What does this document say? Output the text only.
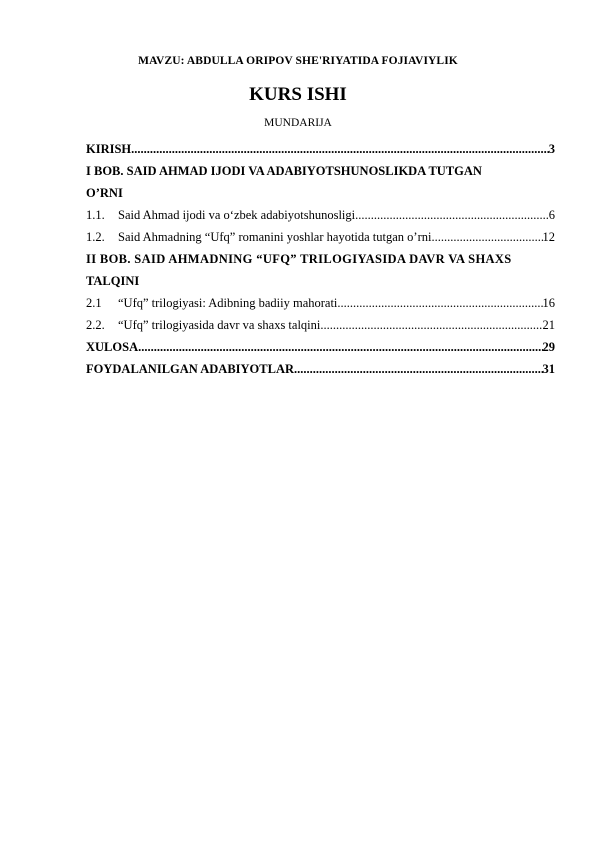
MAVZU: ABDULLA ORIPOV SHE'RIYATIDA FOJIAVIYLIK
KURS ISHI
MUNDARIJA
KIRISH .....	3
I BOB. SAID AHMAD IJODI VA ADABIYOTSHUNOSLIKDA TUTGAN
O’RNI
1.1.	Said Ahmad ijodi va o‘zbek adabiyotshunosligi .....	6
1.2.	Said Ahmadning “Ufq” romanini yoshlar hayotida tutgan o’rni .....	12
II BOB. SAID AHMADNING “UFQ” TRILOGIYASIDA DAVR VA SHAXS
TALQINI
2.1	“Ufq” trilogiyasi: Adibning badiiy mahorati .....	16
2.2.	“Ufq” trilogiyasida davr va shaxs talqini. .....	21
XULOSA .....	29
FOYDALANILGAN ADABIYOTLAR .....	31
